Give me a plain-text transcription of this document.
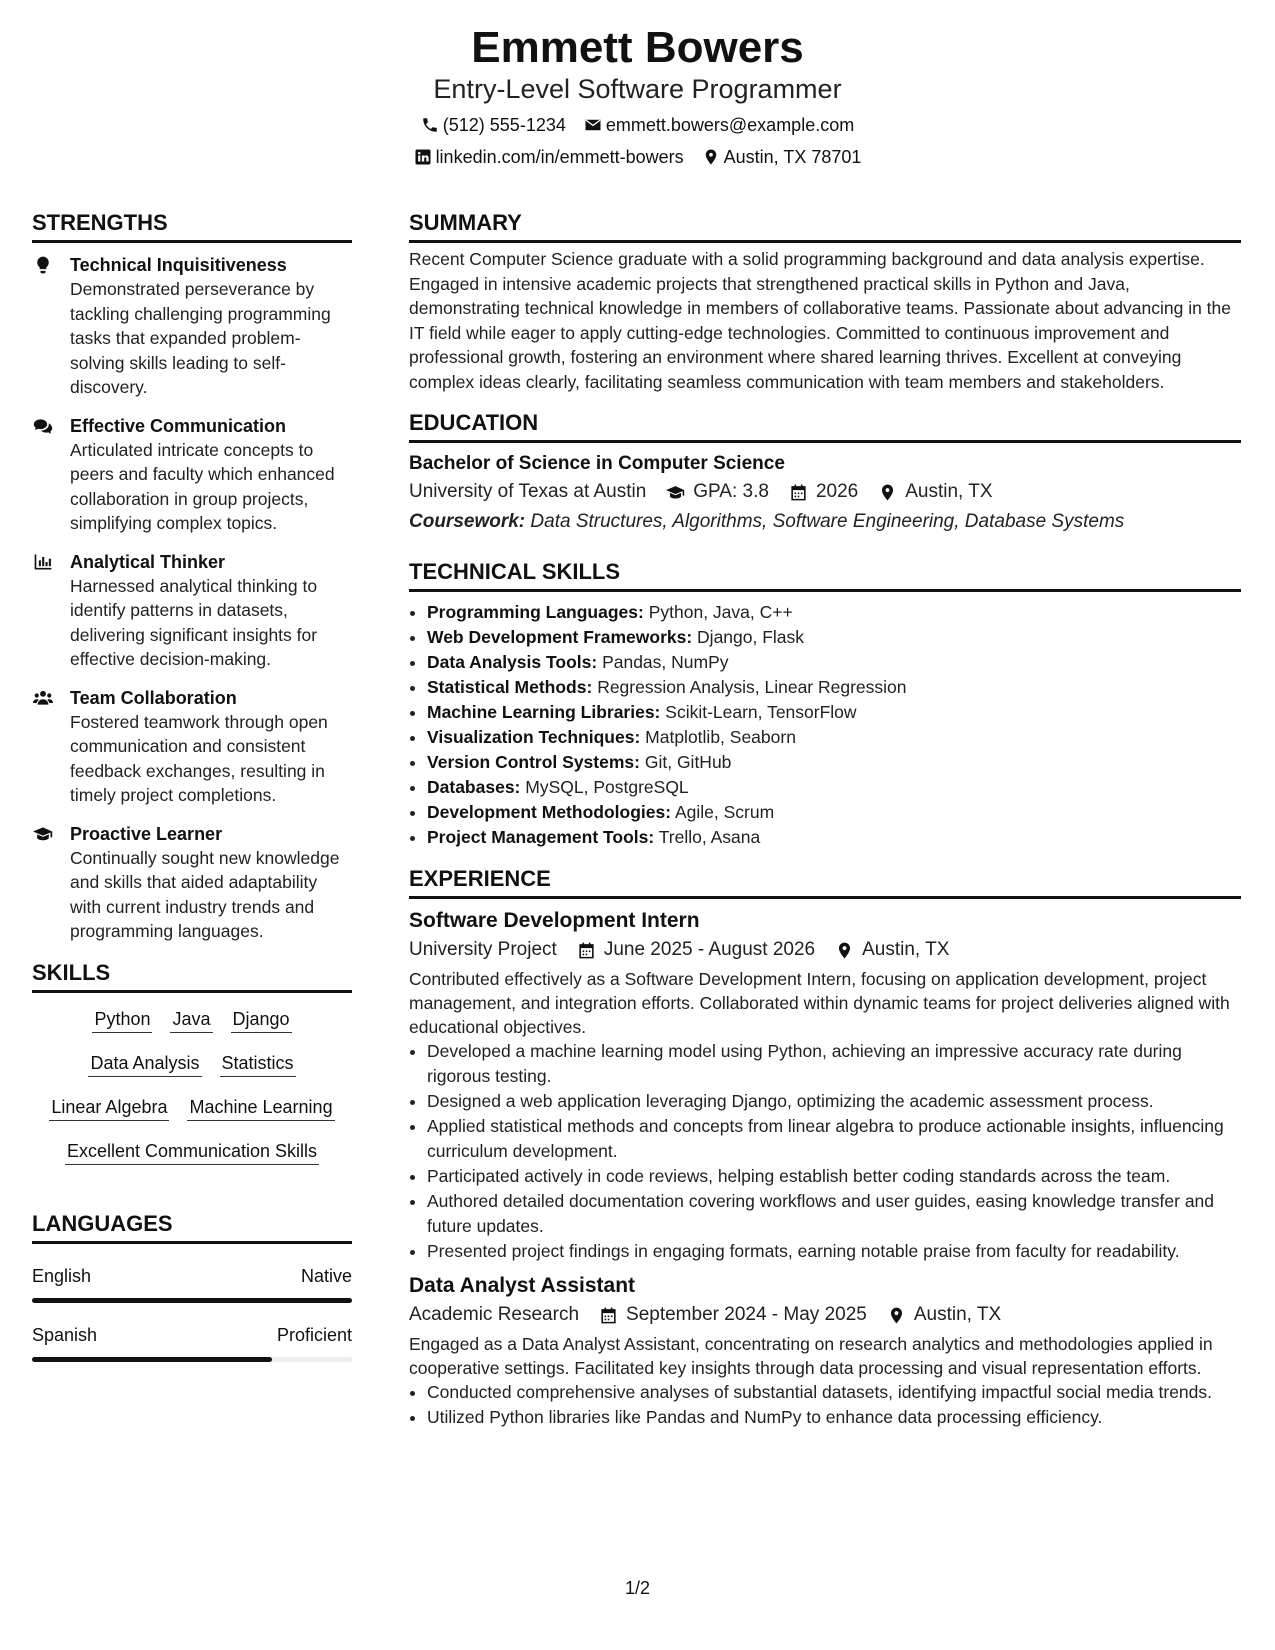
Emmett Bowers
Entry-Level Software Programmer
(512) 555-1234 emmett.bowers@example.com
linkedin.com/in/emmett-bowers Austin, TX 78701
STRENGTHS
Technical Inquisitiveness
Demonstrated perseverance by tackling challenging programming tasks that expanded problem-solving skills leading to self-discovery.
Effective Communication
Articulated intricate concepts to peers and faculty which enhanced collaboration in group projects, simplifying complex topics.
Analytical Thinker
Harnessed analytical thinking to identify patterns in datasets, delivering significant insights for effective decision-making.
Team Collaboration
Fostered teamwork through open communication and consistent feedback exchanges, resulting in timely project completions.
Proactive Learner
Continually sought new knowledge and skills that aided adaptability with current industry trends and programming languages.
SKILLS
Python Java Django
Data Analysis Statistics
Linear Algebra Machine Learning
Excellent Communication Skills
LANGUAGES
English	Native
Spanish	Proficient
SUMMARY
Recent Computer Science graduate with a solid programming background and data analysis expertise. Engaged in intensive academic projects that strengthened practical skills in Python and Java, demonstrating technical knowledge in members of collaborative teams. Passionate about advancing in the IT field while eager to apply cutting-edge technologies. Committed to continuous improvement and professional growth, fostering an environment where shared learning thrives. Excellent at conveying complex ideas clearly, facilitating seamless communication with team members and stakeholders.
EDUCATION
Bachelor of Science in Computer Science
University of Texas at Austin GPA: 3.8 2026 Austin, TX
Coursework: Data Structures, Algorithms, Software Engineering, Database Systems
TECHNICAL SKILLS
• Programming Languages: Python, Java, C++
• Web Development Frameworks: Django, Flask
• Data Analysis Tools: Pandas, NumPy
• Statistical Methods: Regression Analysis, Linear Regression
• Machine Learning Libraries: Scikit-Learn, TensorFlow
• Visualization Techniques: Matplotlib, Seaborn
• Version Control Systems: Git, GitHub
• Databases: MySQL, PostgreSQL
• Development Methodologies: Agile, Scrum
• Project Management Tools: Trello, Asana
EXPERIENCE
Software Development Intern
University Project June 2025 - August 2026 Austin, TX
Contributed effectively as a Software Development Intern, focusing on application development, project management, and integration efforts. Collaborated within dynamic teams for project deliveries aligned with educational objectives.
• Developed a machine learning model using Python, achieving an impressive accuracy rate during rigorous testing.
• Designed a web application leveraging Django, optimizing the academic assessment process.
• Applied statistical methods and concepts from linear algebra to produce actionable insights, influencing curriculum development.
• Participated actively in code reviews, helping establish better coding standards across the team.
• Authored detailed documentation covering workflows and user guides, easing knowledge transfer and future updates.
• Presented project findings in engaging formats, earning notable praise from faculty for readability.
Data Analyst Assistant
Academic Research September 2024 - May 2025 Austin, TX
Engaged as a Data Analyst Assistant, concentrating on research analytics and methodologies applied in cooperative settings. Facilitated key insights through data processing and visual representation efforts.
• Conducted comprehensive analyses of substantial datasets, identifying impactful social media trends.
• Utilized Python libraries like Pandas and NumPy to enhance data processing efficiency.
1/2
